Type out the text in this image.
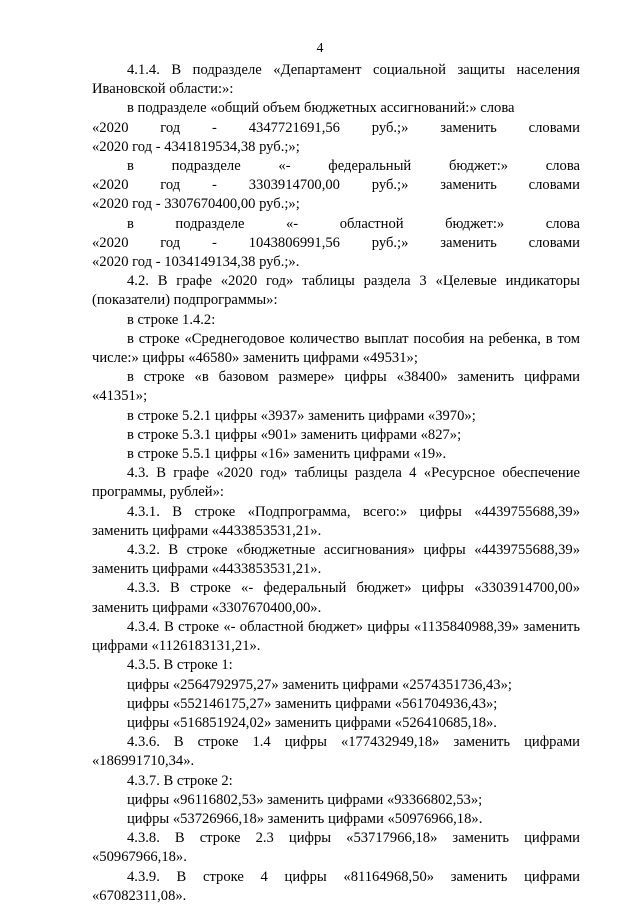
4

4.1.4. В подразделе «Департамент социальной защиты населения Ивановской области:»:

в подразделе «общий объем бюджетных ассигнований:» слова

«2020 год - 4347721691,56 руб.;» заменить словами

«2020 год - 4341819534,38 руб.;»;

в	подразделе	«-	федеральный	бюджет:»	слова
«2020 год - 3303914700,00 руб.;» заменить словами

«2020 год - 3307670400,00 руб.;»;

в	подразделе	«-	областной	бюджет:»	слова
«2020 год - 1043806991,56 руб.;» заменить словами

«2020 год - 1034149134,38 руб.;».

4.2. В графе «2020 год» таблицы раздела 3 «Целевые индикаторы (показатели) подпрограммы»:

в строке 1.4.2:

в строке «Среднегодовое количество выплат пособия на ребенка, в том числе:» цифры «46580» заменить цифрами «49531»;

в строке «в базовом размере» цифры «38400» заменить цифрами «41351»;

в строке 5.2.1 цифры «3937» заменить цифрами «3970»;

в строке 5.3.1 цифры «901» заменить цифрами «827»;

в строке 5.5.1 цифры «16» заменить цифрами «19».

4.3. В графе «2020 год» таблицы раздела 4 «Ресурсное обеспечение программы, рублей»:

4.3.1. В строке «Подпрограмма, всего:» цифры «4439755688,39» заменить цифрами «4433853531,21».

4.3.2. В строке «бюджетные ассигнования» цифры «4439755688,39» заменить цифрами «4433853531,21».

4.3.3. В строке «- федеральный бюджет» цифры «3303914700,00» заменить цифрами «3307670400,00».

4.3.4. В строке «- областной бюджет» цифры «1135840988,39» заменить цифрами «1126183131,21».

4.3.5. В строке 1:

цифры «2564792975,27» заменить цифрами «2574351736,43»;

цифры «552146175,27» заменить цифрами «561704936,43»;

цифры «516851924,02» заменить цифрами «526410685,18».

4.3.6. В строке 1.4 цифры «177432949,18» заменить цифрами «186991710,34».

4.3.7. В строке 2:

цифры «96116802,53» заменить цифрами «93366802,53»;

цифры «53726966,18» заменить цифрами «50976966,18».

4.3.8. В строке 2.3 цифры «53717966,18» заменить цифрами «50967966,18».

4.3.9. В строке 4 цифры «81164968,50» заменить цифрами «67082311,08».
